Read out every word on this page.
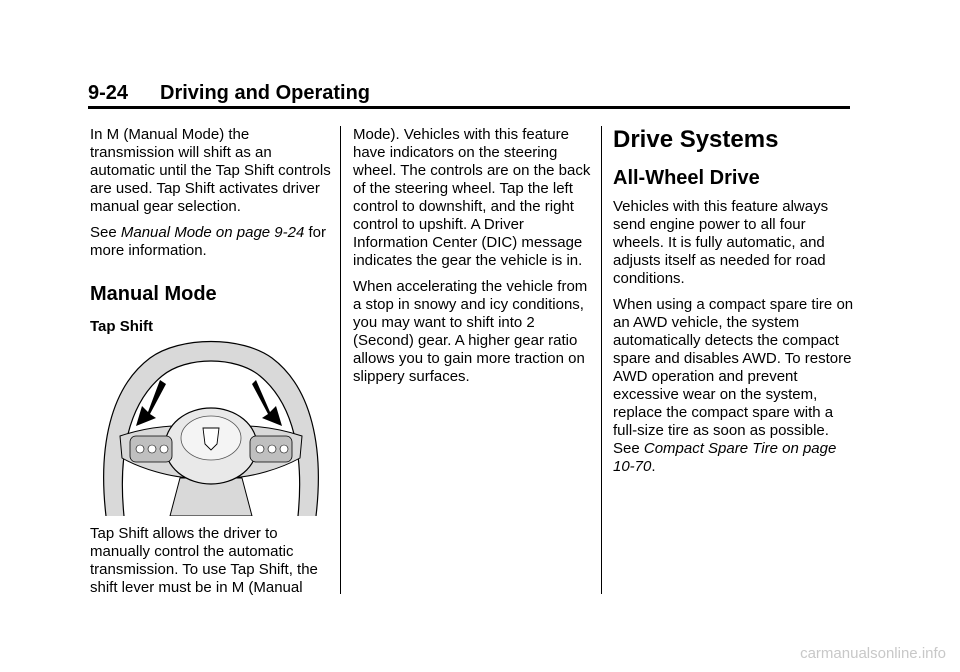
9-24 Driving and Operating

In M (Manual Mode) the transmission will shift as an automatic until the Tap Shift controls are used. Tap Shift activates driver manual gear selection.

See Manual Mode on page 9-24 for more information.

Manual Mode
Tap Shift

Tap Shift allows the driver to manually control the automatic transmission. To use Tap Shift, the shift lever must be in M (Manual

Mode). Vehicles with this feature have indicators on the steering wheel. The controls are on the back of the steering wheel. Tap the left control to downshift, and the right control to upshift. A Driver Information Center (DIC) message indicates the gear the vehicle is in.

When accelerating the vehicle from a stop in snowy and icy conditions, you may want to shift into 2 (Second) gear. A higher gear ratio allows you to gain more traction on slippery surfaces.

Drive Systems
All-Wheel Drive

Vehicles with this feature always send engine power to all four wheels. It is fully automatic, and adjusts itself as needed for road conditions.

When using a compact spare tire on an AWD vehicle, the system automatically detects the compact spare and disables AWD. To restore AWD operation and prevent excessive wear on the system, replace the compact spare with a full-size tire as soon as possible. See Compact Spare Tire on page 10-70.

carmanualsonline.info
